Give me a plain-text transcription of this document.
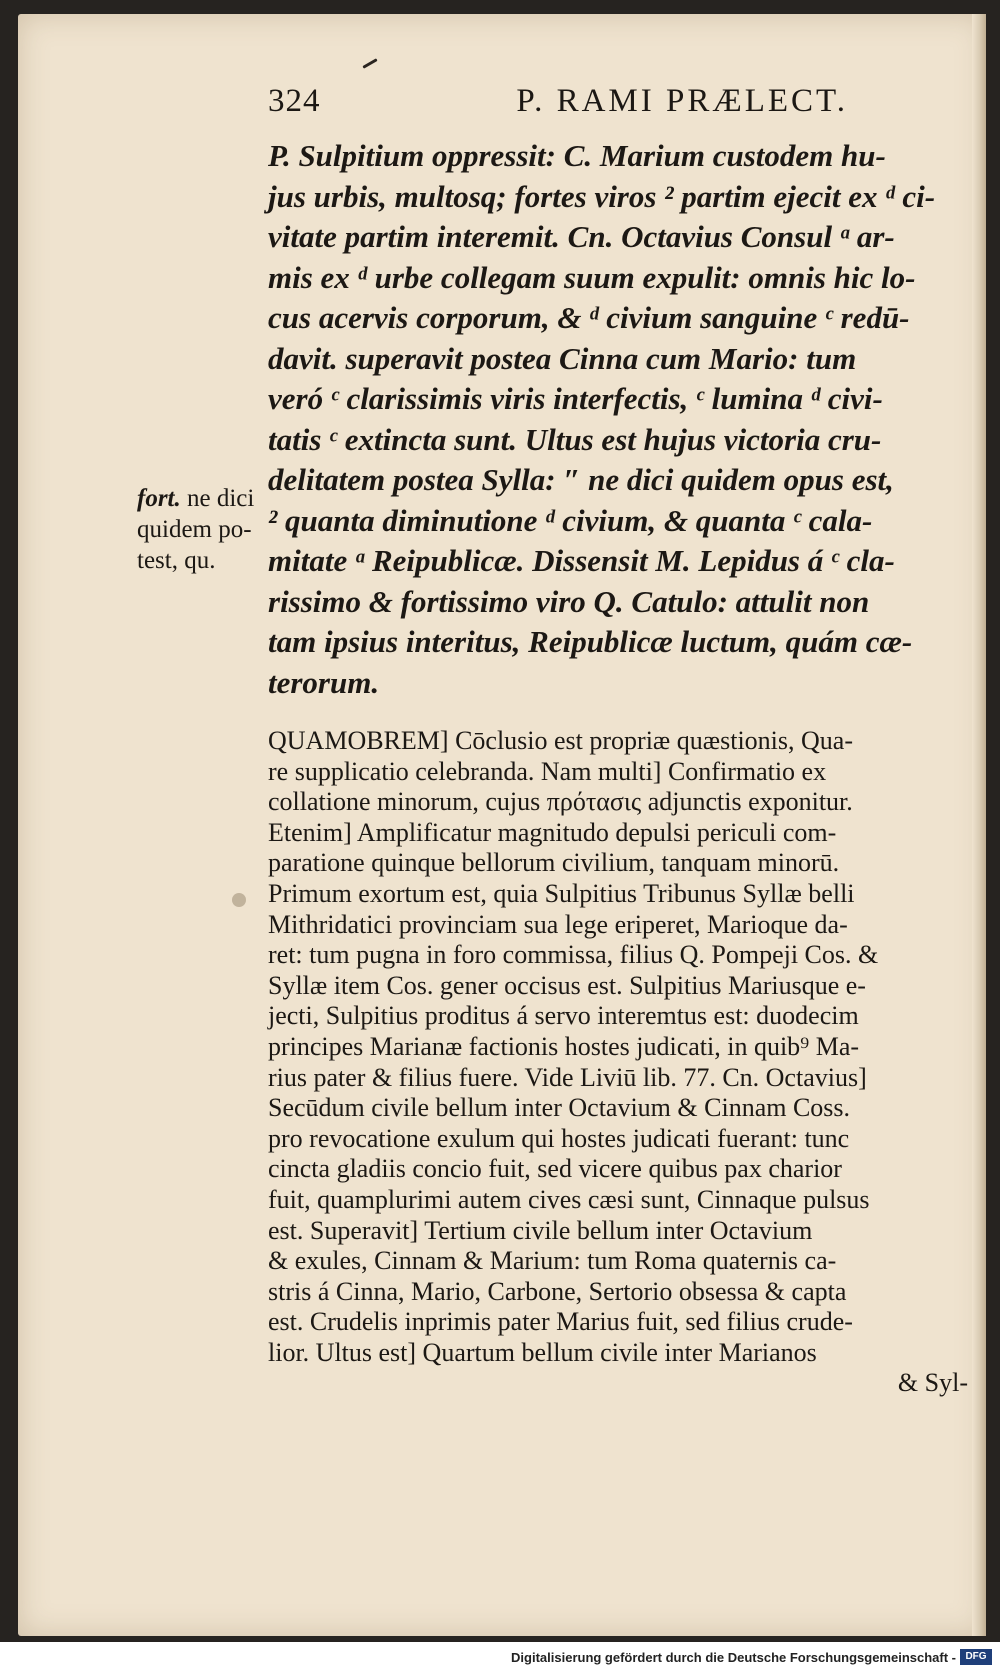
324	P. RAMI PRÆLECT.
P. Sulpitium oppressit: C. Marium custodem hu-
jus urbis, multosq; fortes viros ² partim ejecit ex ᵈ ci-
vitate partim interemit. Cn. Octavius Consul ᵃ ar-
mis ex ᵈ urbe collegam suum expulit: omnis hic lo-
cus acervis corporum, & ᵈ civium sanguine ᶜ redū-
davit. superavit postea Cinna cum Mario: tum
veró ᶜ clarissimis viris interfectis, ᶜ lumina ᵈ civi-
tatis ᶜ extincta sunt. Ultus est hujus victoria cru-
delitatem postea Sylla: ″ ne dici quidem opus est,
² quanta diminutione ᵈ civium, & quanta ᶜ cala-
mitate ᵃ Reipublicæ. Dissensit M. Lepidus á ᶜ cla-
rissimo & fortissimo viro Q. Catulo: attulit non
tam ipsius interitus, Reipublicæ luctum, quám cæ-
terorum.
fort. ne dici
quidem po-
test, qu.
QUAMOBREM] Cōclusio est propriæ quæstionis, Qua-
re supplicatio celebranda. Nam multi] Confirmatio ex
collatione minorum, cujus πρότασις adjunctis exponitur.
Etenim] Amplificatur magnitudo depulsi periculi com-
paratione quinque bellorum civilium, tanquam minorū.
Primum exortum est, quia Sulpitius Tribunus Syllæ belli
Mithridatici provinciam sua lege eriperet, Marioque da-
ret: tum pugna in foro commissa, filius Q. Pompeji Cos. &
Syllæ item Cos. gener occisus est. Sulpitius Mariusque e-
jecti, Sulpitius proditus á servo interemtus est: duodecim
principes Marianæ factionis hostes judicati, in quib⁹ Ma-
rius pater & filius fuere. Vide Liviū lib. 77. Cn. Octavius]
Secūdum civile bellum inter Octavium & Cinnam Coss.
pro revocatione exulum qui hostes judicati fuerant: tunc
cincta gladiis concio fuit, sed vicere quibus pax charior
fuit, quamplurimi autem cives cæsi sunt, Cinnaque pulsus
est. Superavit] Tertium civile bellum inter Octavium
& exules, Cinnam & Marium: tum Roma quaternis ca-
stris á Cinna, Mario, Carbone, Sertorio obsessa & capta
est. Crudelis inprimis pater Marius fuit, sed filius crude-
lior. Ultus est] Quartum bellum civile inter Marianos
& Syl-
Digitalisierung gefördert durch die Deutsche Forschungsgemeinschaft - DFG
